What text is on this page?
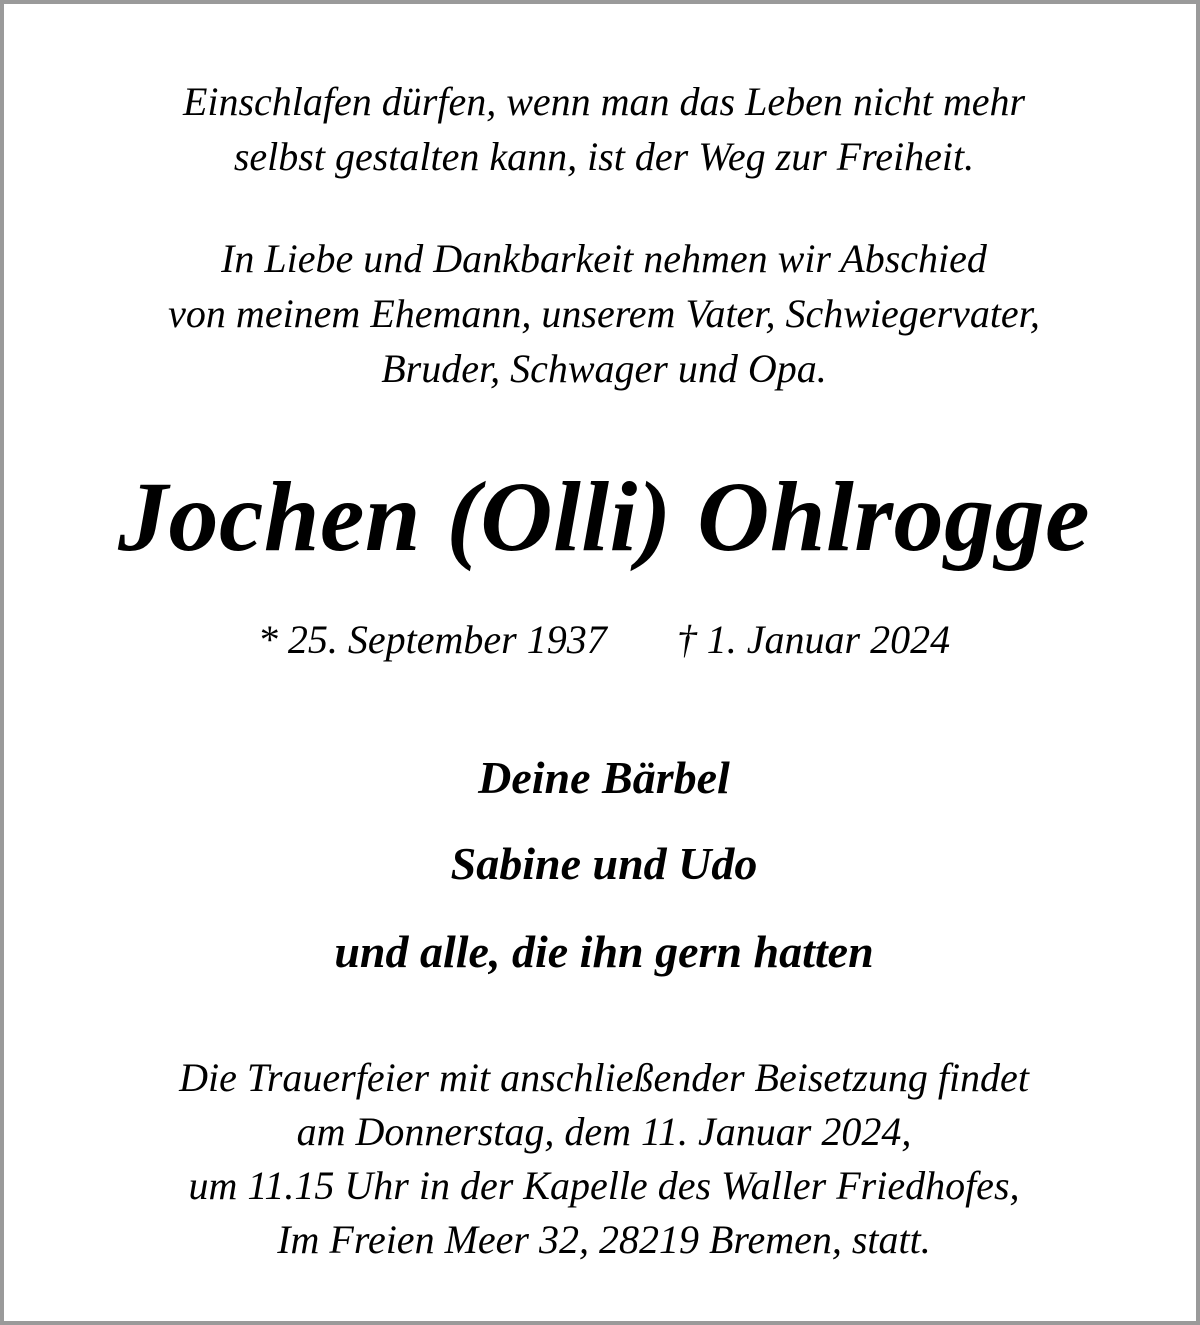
Einschlafen dürfen, wenn man das Leben nicht mehr
selbst gestalten kann, ist der Weg zur Freiheit.
In Liebe und Dankbarkeit nehmen wir Abschied
von meinem Ehemann, unserem Vater, Schwiegervater,
Bruder, Schwager und Opa.
Jochen (Olli) Ohlrogge
* 25. September 1937 † 1. Januar 2024
Deine Bärbel
Sabine und Udo
und alle, die ihn gern hatten
Die Trauerfeier mit anschließender Beisetzung findet
am Donnerstag, dem 11. Januar 2024,
um 11.15 Uhr in der Kapelle des Waller Friedhofes,
Im Freien Meer 32, 28219 Bremen, statt.
